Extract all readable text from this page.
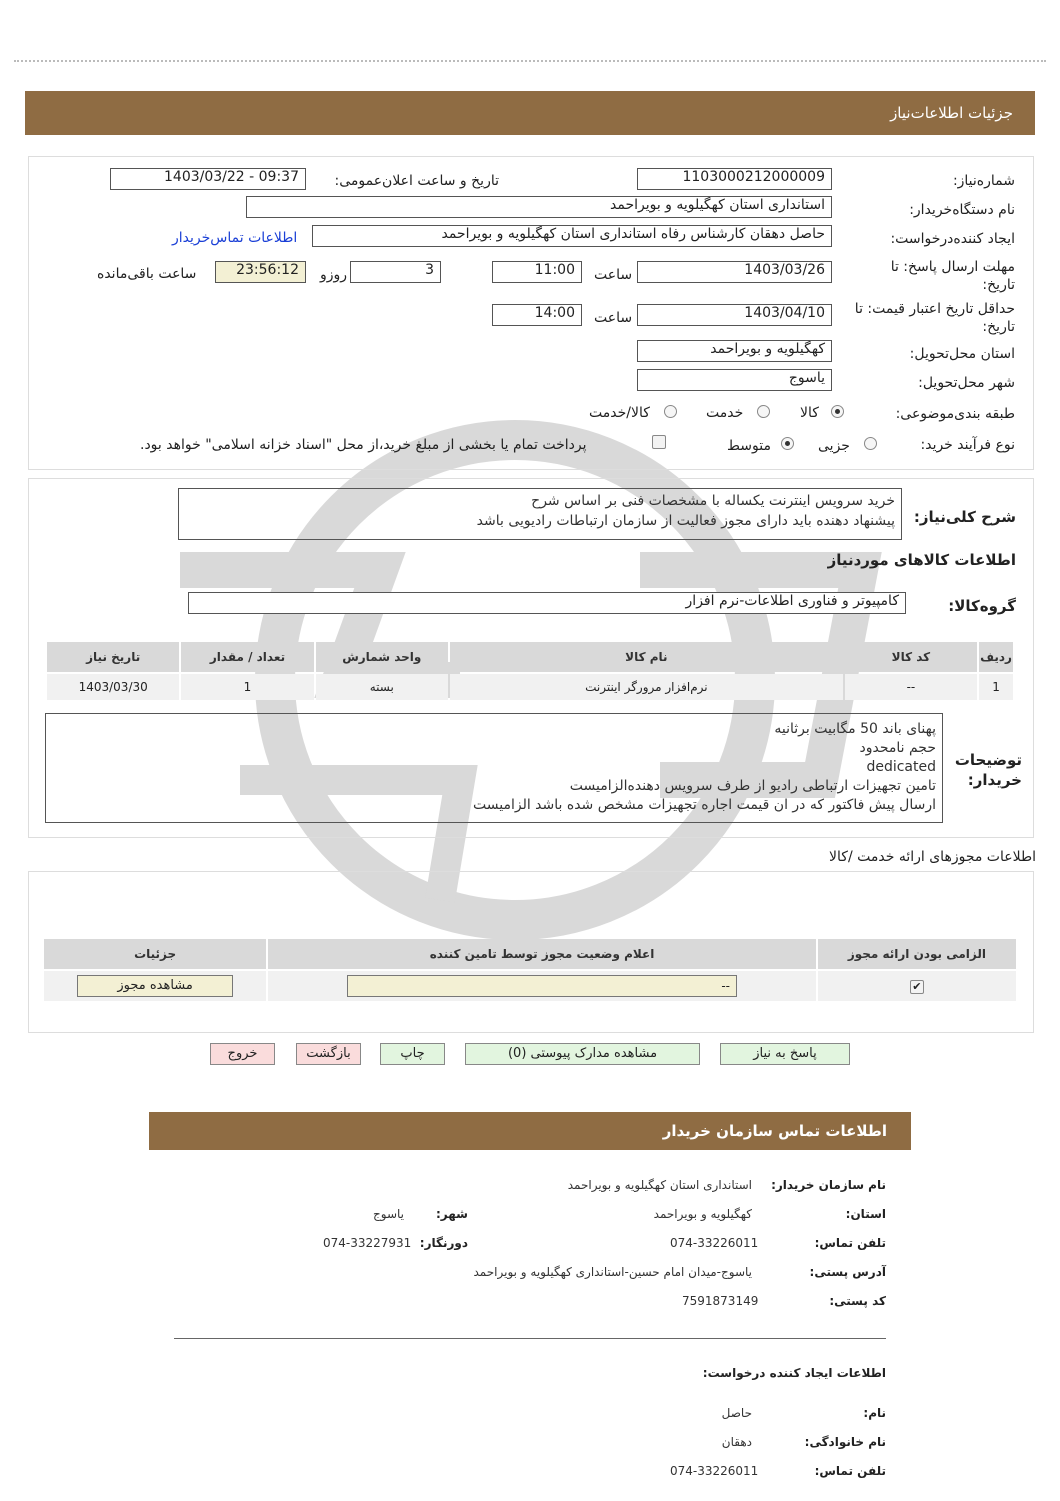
جزئیات اطلاعات‌نیاز
شماره‌نیاز:
1103000212000009
تاریخ و ساعت اعلان‌عمومی:
1403/03/22 - 09:37
نام دستگاه‌خریدار:
استانداری استان کهگیلویه و بویراحمد
ایجاد کننده‌درخواست:
حاصل دهقان کارشناس رفاه استانداری استان کهگیلویه و بویراحمد
اطلاعات تماس‌خریدار
مهلت ارسال پاسخ: تا تاریخ:
1403/03/26
ساعت
11:00
3
روزو
23:56:12
ساعت باقی‌مانده
حداقل تاریخ اعتبار قیمت: تا تاریخ:
1403/04/10
ساعت
14:00
استان محل‌تحویل:
کهگیلویه و بویراحمد
شهر محل‌تحویل:
یاسوج
طبقه بندی‌موضوعی:
کالا
خدمت
کالا/خدمت
نوع فرآیند خرید:
جزیی
متوسط
پرداخت تمام یا بخشی از مبلغ خرید،از محل "اسناد خزانه اسلامی" خواهد بود.
شرح کلی‌نیاز:
خرید سرویس اینترنت یکساله با مشخصات فنی بر اساس شرح
پیشنهاد دهنده باید دارای مجوز فعالیت از سازمان ارتباطات رادیویی باشد
اطلاعات کالاهای موردنیاز
گروه‌کالا:
کامپیوتر و فناوری اطلاعات-نرم افزار
ردیف	کد کالا	نام کالا	واحد شمارش	تعداد / مقدار	تاریخ نیاز
1	--	نرم‌افزار مرورگر اینترنت	بسته	1	1403/03/30
توضیحات خریدار:
پهنای باند 50 مگابیت برثانیه
حجم نامحدود
dedicated
تامین تجهیزات ارتباطی رادیو از طرف سرویس دهنده‌الزامیست
ارسال پیش فاکتور که در ان قیمت اجاره تجهیزات مشخص شده باشد الزامیست
اطلاعات مجوزهای ارائه خدمت /کالا
الزامی بودن ارائه مجوز	اعلام وضعیت مجوز توسط تامین کننده	جزئیات
✔	--	مشاهده مجوز
پاسخ به نیاز
مشاهده مدارک پیوستی (0)
چاپ
بازگشت
خروج
اطلاعات تماس سازمان خریدار
نام سازمان خریدار:
استانداری استان کهگیلویه و بویراحمد
استان:
کهگیلویه و بویراحمد
شهر:
یاسوج
تلفن تماس:
074-33226011
دورنگار:
074-33227931
آدرس پستی:
یاسوج-میدان امام حسین-استانداری کهگیلویه و بویراحمد
کد پستی:
7591873149
اطلاعات ایجاد کننده درخواست:
نام:
حاصل
نام خانوادگی:
دهقان
تلفن تماس:
074-33226011
